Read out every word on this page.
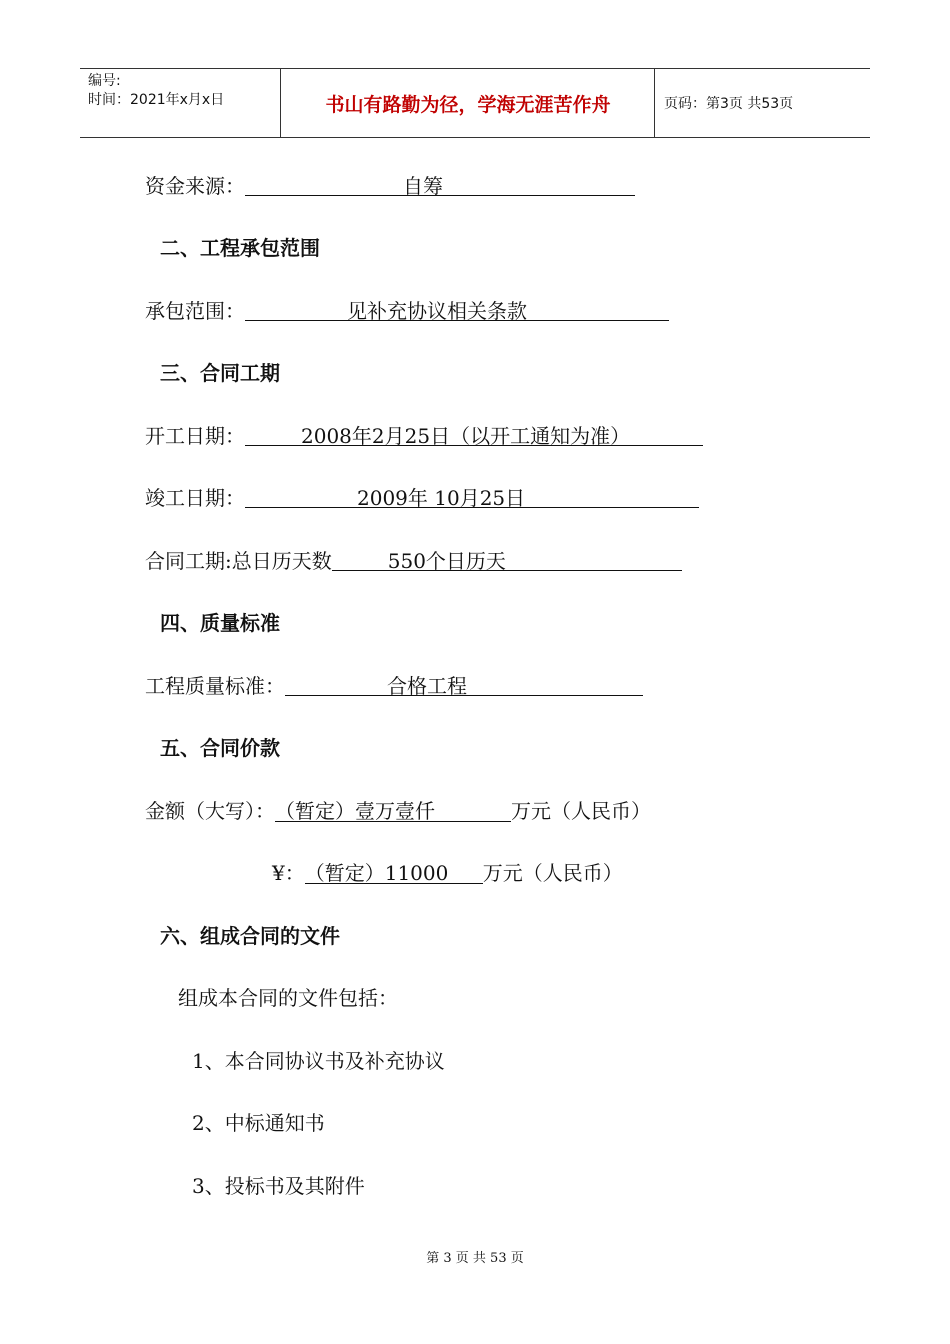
编号:
时间：2021年x月x日	书山有路勤为径，学海无涯苦作舟	页码：第3页 共53页
资金来源：	自筹
二、工程承包范围
承包范围：	见补充协议相关条款
三、合同工期
开工日期：	2008年2月25日（以开工通知为准）
竣工日期：	2009年 10月25日
合同工期:总日历天数	550个日历天
四、质量标准
工程质量标准：	合格工程
五、合同价款
金额（大写）：（暂定）壹万壹仟	万元（人民币）
¥：（暂定）11000 万元（人民币）
六、组成合同的文件
组成本合同的文件包括：
1、本合同协议书及补充协议
2、中标通知书
3、投标书及其附件
第 3 页 共 53 页
